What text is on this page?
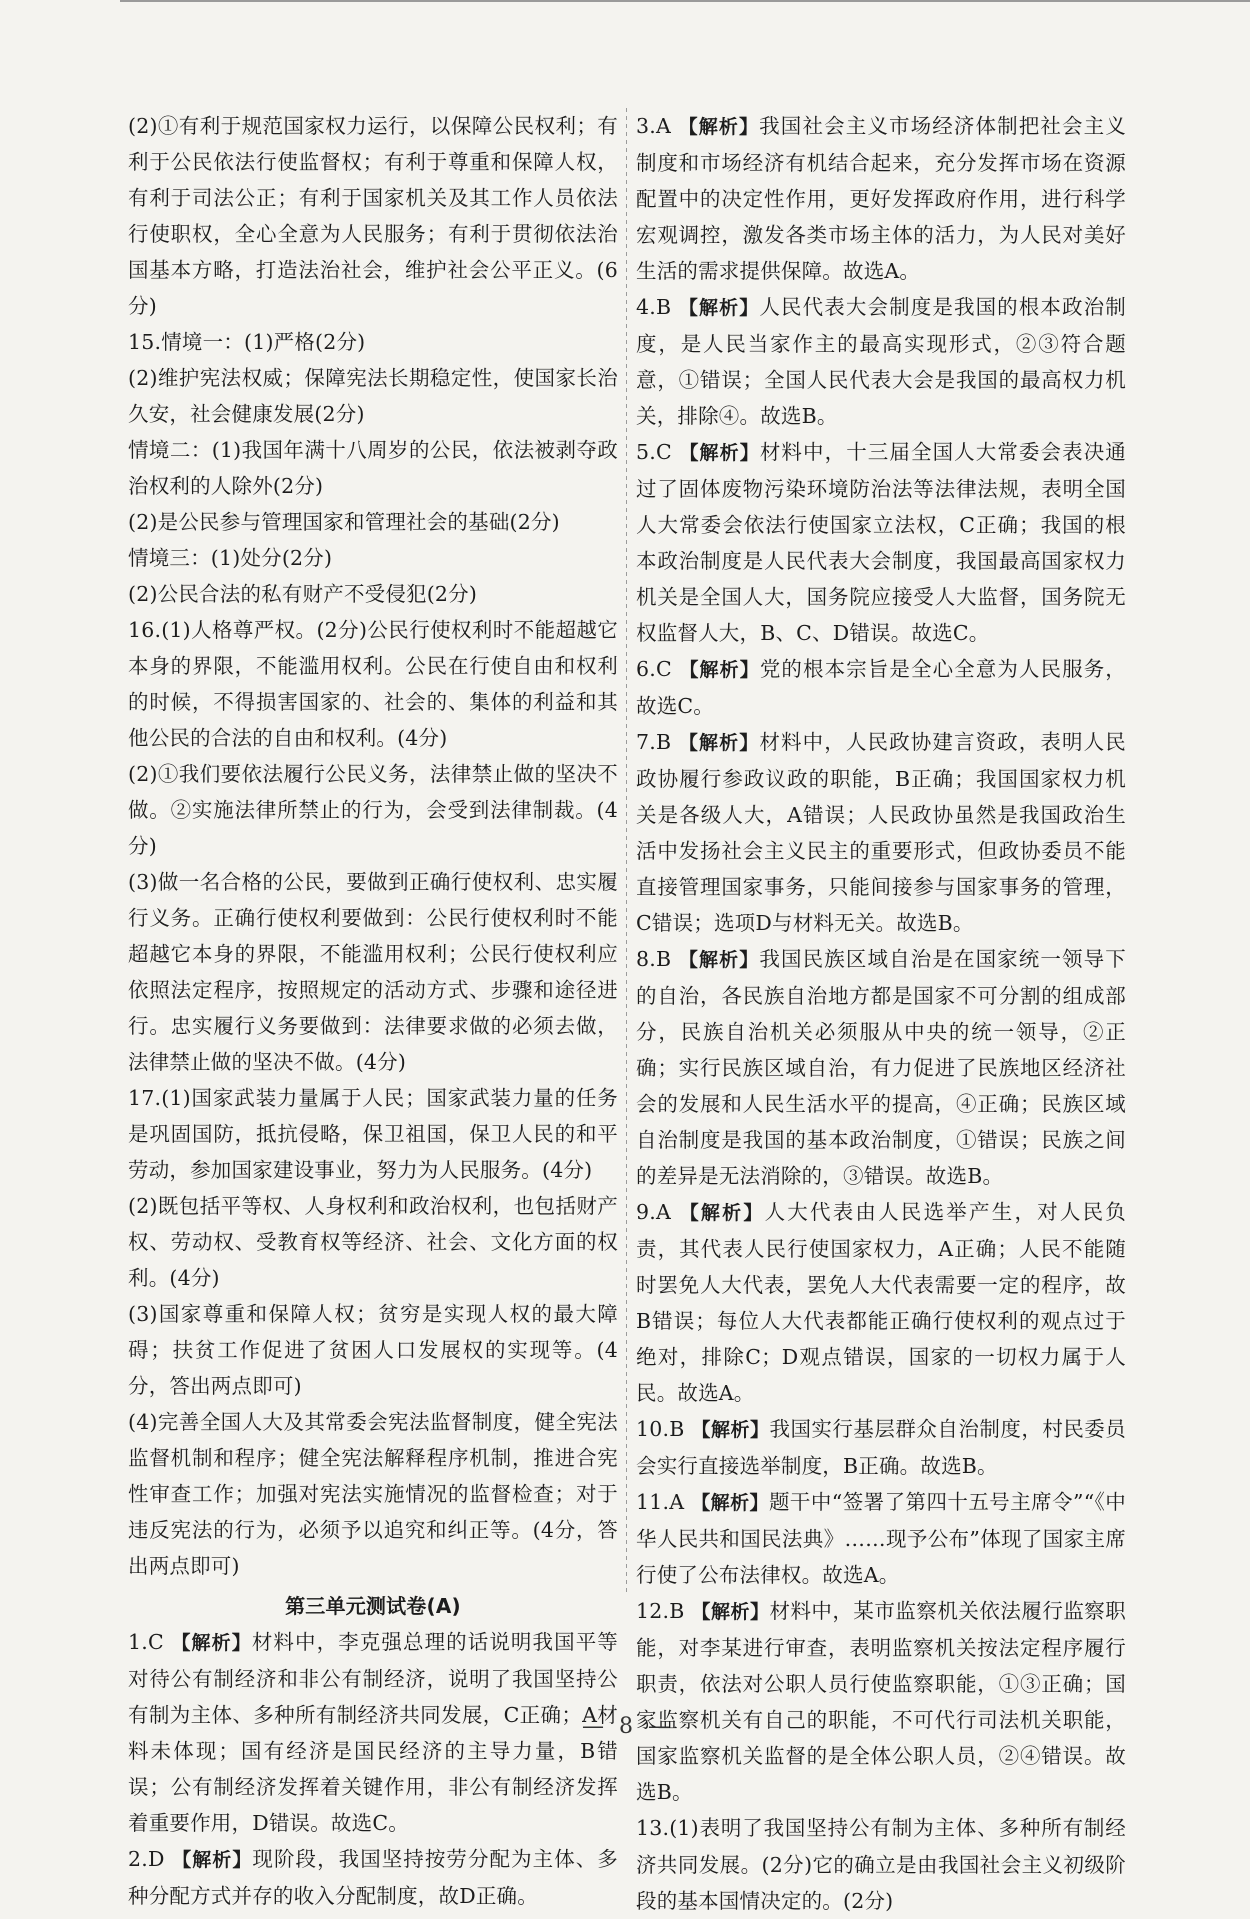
(2)①有利于规范国家权力运行，以保障公民权利；有利于公民依法行使监督权；有利于尊重和保障人权，有利于司法公正；有利于国家机关及其工作人员依法行使职权，全心全意为人民服务；有利于贯彻依法治国基本方略，打造法治社会，维护社会公平正义。(6分)

15.情境一：(1)严格(2分)

(2)维护宪法权威；保障宪法长期稳定性，使国家长治久安，社会健康发展(2分)

情境二：(1)我国年满十八周岁的公民，依法被剥夺政治权利的人除外(2分)

(2)是公民参与管理国家和管理社会的基础(2分)

情境三：(1)处分(2分)

(2)公民合法的私有财产不受侵犯(2分)

16.(1)人格尊严权。(2分)公民行使权利时不能超越它本身的界限，不能滥用权利。公民在行使自由和权利的时候，不得损害国家的、社会的、集体的利益和其他公民的合法的自由和权利。(4分)

(2)①我们要依法履行公民义务，法律禁止做的坚决不做。②实施法律所禁止的行为，会受到法律制裁。(4分)

(3)做一名合格的公民，要做到正确行使权利、忠实履行义务。正确行使权利要做到：公民行使权利时不能超越它本身的界限，不能滥用权利；公民行使权利应依照法定程序，按照规定的活动方式、步骤和途径进行。忠实履行义务要做到：法律要求做的必须去做，法律禁止做的坚决不做。(4分)

17.(1)国家武装力量属于人民；国家武装力量的任务是巩固国防，抵抗侵略，保卫祖国，保卫人民的和平劳动，参加国家建设事业，努力为人民服务。(4分)

(2)既包括平等权、人身权利和政治权利，也包括财产权、劳动权、受教育权等经济、社会、文化方面的权利。(4分)

(3)国家尊重和保障人权；贫穷是实现人权的最大障碍；扶贫工作促进了贫困人口发展权的实现等。(4分，答出两点即可)

(4)完善全国人大及其常委会宪法监督制度，健全宪法监督机制和程序；健全宪法解释程序机制，推进合宪性审查工作；加强对宪法实施情况的监督检查；对于违反宪法的行为，必须予以追究和纠正等。(4分，答出两点即可)

第三单元测试卷(A)

1.C 【解析】材料中，李克强总理的话说明我国平等对待公有制经济和非公有制经济，说明了我国坚持公有制为主体、多种所有制经济共同发展，C正确；A材料未体现；国有经济是国民经济的主导力量，B错误；公有制经济发挥着关键作用，非公有制经济发挥着重要作用，D错误。故选C。

2.D 【解析】现阶段，我国坚持按劳分配为主体、多种分配方式并存的收入分配制度，故D正确。

3.A 【解析】我国社会主义市场经济体制把社会主义制度和市场经济有机结合起来，充分发挥市场在资源配置中的决定性作用，更好发挥政府作用，进行科学宏观调控，激发各类市场主体的活力，为人民对美好生活的需求提供保障。故选A。

4.B 【解析】人民代表大会制度是我国的根本政治制度，是人民当家作主的最高实现形式，②③符合题意，①错误；全国人民代表大会是我国的最高权力机关，排除④。故选B。

5.C 【解析】材料中，十三届全国人大常委会表决通过了固体废物污染环境防治法等法律法规，表明全国人大常委会依法行使国家立法权，C正确；我国的根本政治制度是人民代表大会制度，我国最高国家权力机关是全国人大，国务院应接受人大监督，国务院无权监督人大，B、C、D错误。故选C。

6.C 【解析】党的根本宗旨是全心全意为人民服务，故选C。

7.B 【解析】材料中，人民政协建言资政，表明人民政协履行参政议政的职能，B正确；我国国家权力机关是各级人大，A错误；人民政协虽然是我国政治生活中发扬社会主义民主的重要形式，但政协委员不能直接管理国家事务，只能间接参与国家事务的管理，C错误；选项D与材料无关。故选B。

8.B 【解析】我国民族区域自治是在国家统一领导下的自治，各民族自治地方都是国家不可分割的组成部分，民族自治机关必须服从中央的统一领导，②正确；实行民族区域自治，有力促进了民族地区经济社会的发展和人民生活水平的提高，④正确；民族区域自治制度是我国的基本政治制度，①错误；民族之间的差异是无法消除的，③错误。故选B。

9.A 【解析】人大代表由人民选举产生，对人民负责，其代表人民行使国家权力，A正确；人民不能随时罢免人大代表，罢免人大代表需要一定的程序，故B错误；每位人大代表都能正确行使权利的观点过于绝对，排除C；D观点错误，国家的一切权力属于人民。故选A。

10.B 【解析】我国实行基层群众自治制度，村民委员会实行直接选举制度，B正确。故选B。

11.A 【解析】题干中“签署了第四十五号主席令”“《中华人民共和国民法典》……现予公布”体现了国家主席行使了公布法律权。故选A。

12.B 【解析】材料中，某市监察机关依法履行监察职能，对李某进行审查，表明监察机关按法定程序履行职责，依法对公职人员行使监察职能，①③正确；国家监察机关有自己的职能，不可代行司法机关职能，国家监察机关监督的是全体公职人员，②④错误。故选B。

13.(1)表明了我国坚持公有制为主体、多种所有制经济共同发展。(2分)它的确立是由我国社会主义初级阶段的基本国情决定的。(2分)

— 8 —
